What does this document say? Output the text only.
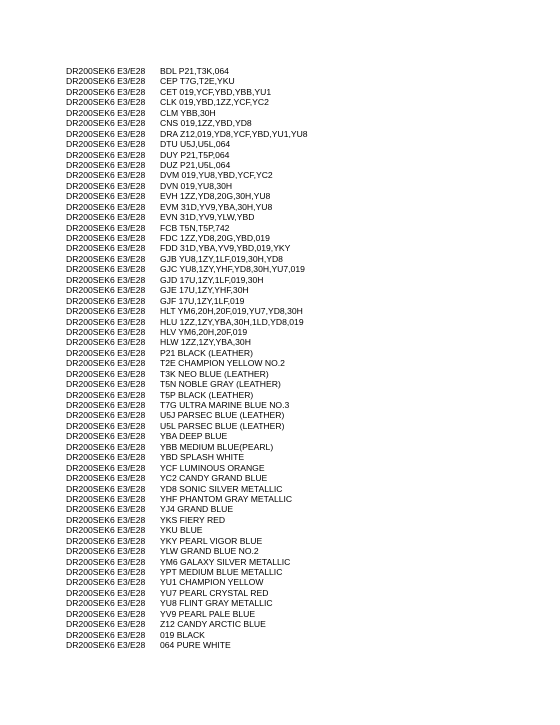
DR200SEK6 E3/E28	BDL P21,T3K,064
DR200SEK6 E3/E28	CEP T7G,T2E,YKU
DR200SEK6 E3/E28	CET 019,YCF,YBD,YBB,YU1
DR200SEK6 E3/E28	CLK 019,YBD,1ZZ,YCF,YC2
DR200SEK6 E3/E28	CLM YBB,30H
DR200SEK6 E3/E28	CNS 019,1ZZ,YBD,YD8
DR200SEK6 E3/E28	DRA Z12,019,YD8,YCF,YBD,YU1,YU8
DR200SEK6 E3/E28	DTU U5J,U5L,064
DR200SEK6 E3/E28	DUY P21,T5P,064
DR200SEK6 E3/E28	DUZ P21,U5L,064
DR200SEK6 E3/E28	DVM 019,YU8,YBD,YCF,YC2
DR200SEK6 E3/E28	DVN 019,YU8,30H
DR200SEK6 E3/E28	EVH 1ZZ,YD8,20G,30H,YU8
DR200SEK6 E3/E28	EVM 31D,YV9,YBA,30H,YU8
DR200SEK6 E3/E28	EVN 31D,YV9,YLW,YBD
DR200SEK6 E3/E28	FCB T5N,T5P,742
DR200SEK6 E3/E28	FDC 1ZZ,YD8,20G,YBD,019
DR200SEK6 E3/E28	FDD 31D,YBA,YV9,YBD,019,YKY
DR200SEK6 E3/E28	GJB YU8,1ZY,1LF,019,30H,YD8
DR200SEK6 E3/E28	GJC YU8,1ZY,YHF,YD8,30H,YU7,019
DR200SEK6 E3/E28	GJD 17U,1ZY,1LF,019,30H
DR200SEK6 E3/E28	GJE 17U,1ZY,YHF,30H
DR200SEK6 E3/E28	GJF 17U,1ZY,1LF,019
DR200SEK6 E3/E28	HLT YM6,20H,20F,019,YU7,YD8,30H
DR200SEK6 E3/E28	HLU 1ZZ,1ZY,YBA,30H,1LD,YD8,019
DR200SEK6 E3/E28	HLV YM6,20H,20F,019
DR200SEK6 E3/E28	HLW 1ZZ,1ZY,YBA,30H
DR200SEK6 E3/E28	P21 BLACK (LEATHER)
DR200SEK6 E3/E28	T2E CHAMPION YELLOW NO.2
DR200SEK6 E3/E28	T3K NEO BLUE (LEATHER)
DR200SEK6 E3/E28	T5N NOBLE GRAY (LEATHER)
DR200SEK6 E3/E28	T5P BLACK (LEATHER)
DR200SEK6 E3/E28	T7G ULTRA MARINE BLUE NO.3
DR200SEK6 E3/E28	U5J PARSEC BLUE (LEATHER)
DR200SEK6 E3/E28	U5L PARSEC BLUE (LEATHER)
DR200SEK6 E3/E28	YBA DEEP BLUE
DR200SEK6 E3/E28	YBB MEDIUM BLUE(PEARL)
DR200SEK6 E3/E28	YBD SPLASH WHITE
DR200SEK6 E3/E28	YCF LUMINOUS ORANGE
DR200SEK6 E3/E28	YC2 CANDY GRAND BLUE
DR200SEK6 E3/E28	YD8 SONIC SILVER METALLIC
DR200SEK6 E3/E28	YHF PHANTOM GRAY METALLIC
DR200SEK6 E3/E28	YJ4 GRAND BLUE
DR200SEK6 E3/E28	YKS FIERY RED
DR200SEK6 E3/E28	YKU BLUE
DR200SEK6 E3/E28	YKY PEARL VIGOR BLUE
DR200SEK6 E3/E28	YLW GRAND BLUE NO.2
DR200SEK6 E3/E28	YM6 GALAXY SILVER METALLIC
DR200SEK6 E3/E28	YPT MEDIUM BLUE METALLIC
DR200SEK6 E3/E28	YU1 CHAMPION YELLOW
DR200SEK6 E3/E28	YU7 PEARL CRYSTAL RED
DR200SEK6 E3/E28	YU8 FLINT GRAY METALLIC
DR200SEK6 E3/E28	YV9 PEARL PALE BLUE
DR200SEK6 E3/E28	Z12 CANDY ARCTIC BLUE
DR200SEK6 E3/E28	019 BLACK
DR200SEK6 E3/E28	064 PURE WHITE
